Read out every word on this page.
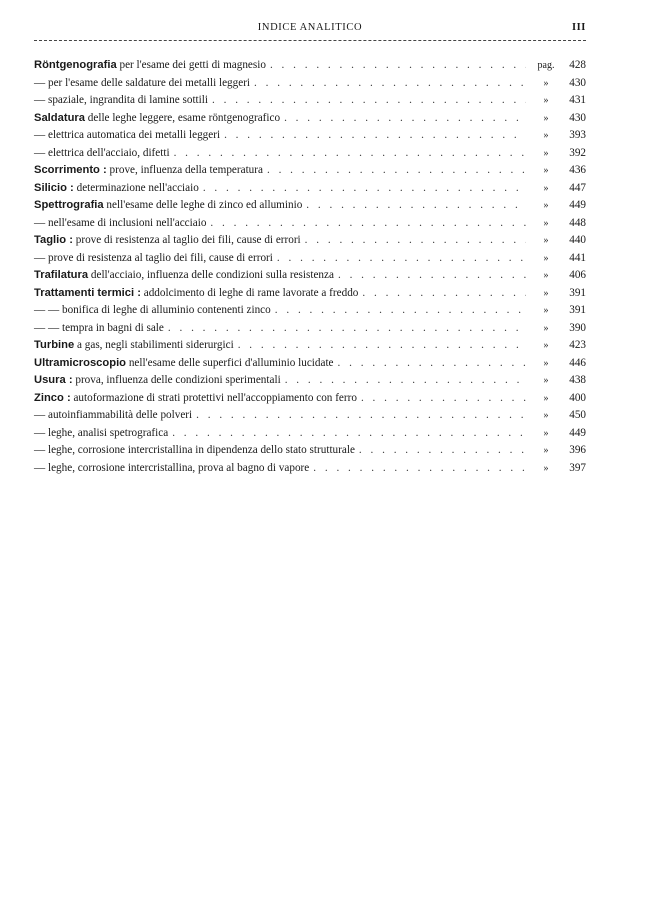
INDICE ANALITICO	III
Röntgenografia per l'esame dei getti di magnesio . . .	pag.	428
— per l'esame delle saldature dei metalli leggeri . . .	»	430
— spaziale, ingrandita di lamine sottili . . .	»	431
Saldatura delle leghe leggere, esame röntgenografico . . .	»	430
— elettrica automatica dei metalli leggeri . . .	»	393
— elettrica dell'acciaio, difetti . . .	»	392
Scorrimento : prove, influenza della temperatura . . .	»	436
Silicio : determinazione nell'acciaio . . .	»	447
Spettrografia nell'esame delle leghe di zinco ed alluminio . . .	»	449
— nell'esame di inclusioni nell'acciaio . . .	»	448
Taglio : prove di resistenza al taglio dei fili, cause di errori . . .	»	440
— prove di resistenza al taglio dei fili, cause di errori . . .	»	441
Trafilatura dell'acciaio, influenza delle condizioni sulla resistenza . . .	»	406
Trattamenti termici : addolcimento di leghe di rame lavorate a freddo . . .	»	391
— — bonifica di leghe di alluminio contenenti zinco . . .	»	391
— — tempra in bagni di sale . . .	»	390
Turbine a gas, negli stabilimenti siderurgici . . .	»	423
Ultramicroscopio nell'esame delle superfici d'alluminio lucidate . . .	»	446
Usura : prova, influenza delle condizioni sperimentali . . .	»	438
Zinco : autoformazione di strati protettivi nell'accoppiamento con ferro . . .	»	400
— autoinfiammabilità delle polveri . . .	»	450
— leghe, analisi spetrografica . . .	»	449
— leghe, corrosione intercristallina in dipendenza dello stato strutturale . . .	»	396
— leghe, corrosione intercristallina, prova al bagno di vapore . . .	»	397
